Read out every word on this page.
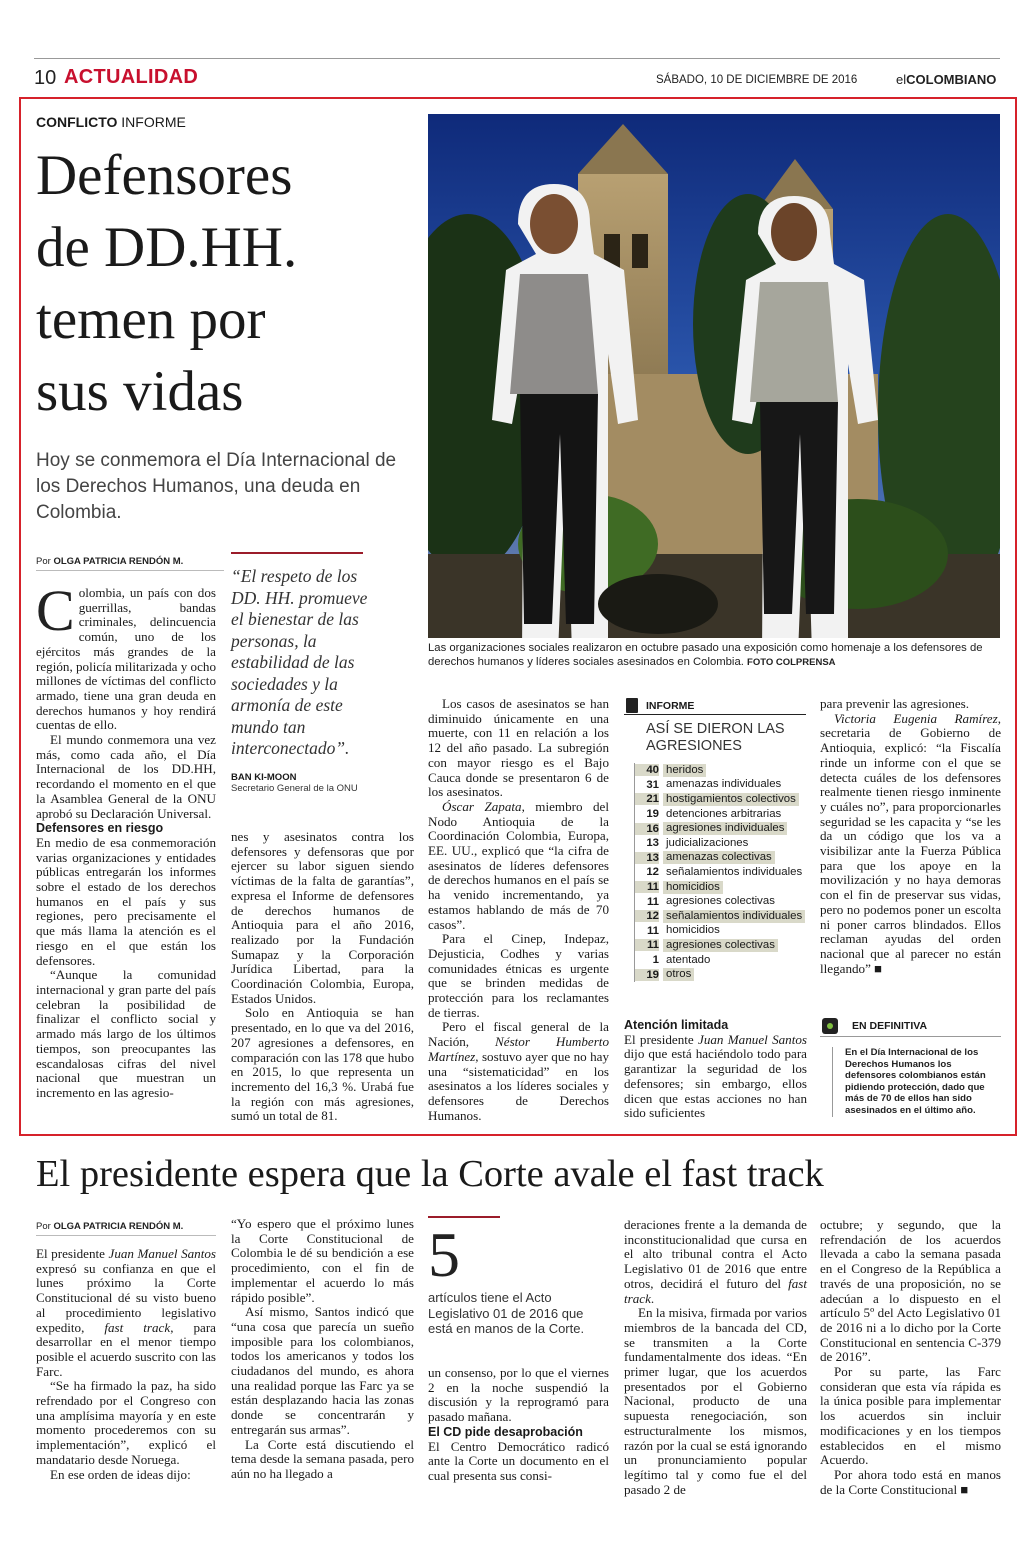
10 ACTUALIDAD	SÁBADO, 10 DE DICIEMBRE DE 2016	elCOLOMBIANO
CONFLICTO INFORME
Defensores
de DD.HH.
temen por
sus vidas
Hoy se conmemora el Día Internacional de los Derechos Humanos, una deuda en Colombia.
Por OLGA PATRICIA RENDÓN M.
“El respeto de los DD. HH. promueve el bienestar de las personas, la estabilidad de las sociedades y la armonía de este mundo tan interconectado”.
BAN KI-MOON
Secretario General de la ONU
Las organizaciones sociales realizaron en octubre pasado una exposición como homenaje a los defensores de derechos humanos y líderes sociales asesinados en Colombia. FOTO COLPRENSA

Colombia, un país con dos guerrillas, bandas criminales, delincuencia común, uno de los ejércitos más grandes de la región, policía militarizada y ocho millones de víctimas del conflicto armado, tiene una gran deuda en derechos humanos y hoy rendirá cuentas de ello.

El mundo conmemora una vez más, como cada año, el Día Internacional de los DD.HH, recordando el momento en el que la Asamblea General de la ONU aprobó su Declaración Universal.

Defensores en riesgo

En medio de esa conmemoración varias organizaciones y entidades públicas entregarán los informes sobre el estado de los derechos humanos en el país y sus regiones, pero precisamente el que más llama la atención es el riesgo en el que están los defensores.

“Aunque la comunidad internacional y gran parte del país celebran la posibilidad de finalizar el conflicto social y armado más largo de los últimos tiempos, son preocupantes las escandalosas cifras del nivel nacional que muestran un incremento en las agresio-

nes y asesinatos contra los defensores y defensoras que por ejercer su labor siguen siendo víctimas de la falta de garantías”, expresa el Informe de defensores de derechos humanos de Antioquia para el año 2016, realizado por la Fundación Sumapaz y la Corporación Jurídica Libertad, para la Coordinación Colombia, Europa, Estados Unidos.

Solo en Antioquia se han presentado, en lo que va del 2016, 207 agresiones a defensores, en comparación con las 178 que hubo en 2015, lo que representa un incremento del 16,3 %. Urabá fue la región con más agresiones, sumó un total de 81.

Los casos de asesinatos se han diminuido únicamente en una muerte, con 11 en relación a los 12 del año pasado. La subregión con mayor riesgo es el Bajo Cauca donde se presentaron 6 de los asesinatos.

Óscar Zapata, miembro del Nodo Antioquia de la Coordinación Colombia, Europa, EE. UU., explicó que “la cifra de asesinatos de líderes defensores de derechos humanos en el país se ha venido incrementando, ya estamos hablando de más de 70 casos”.

Para el Cinep, Indepaz, Dejusticia, Codhes y varias comunidades étnicas es urgente que se brinden medidas de protección para los reclamantes de tierras.

Pero el fiscal general de la Nación, Néstor Humberto Martínez, sostuvo ayer que no hay una “sistematicidad” en los asesinatos a los líderes sociales y defensores de Derechos Humanos.

INFORME
ASÍ SE DIERON LAS AGRESIONES
40 heridos
31 amenazas individuales
21 hostigamientos colectivos
19 detenciones arbitrarias
16 agresiones individuales
13 judicializaciones
13 amenazas colectivas
12 señalamientos individuales
11 homicidios
11 agresiones colectivas
12 señalamientos individuales
11 homicidios
11 agresiones colectivas
1 atentado
19 otros

Atención limitada

El presidente Juan Manuel Santos dijo que está haciéndolo todo para garantizar la seguridad de los defensores; sin embargo, ellos dicen que estas acciones no han sido suficientes

para prevenir las agresiones.

Victoria Eugenia Ramírez, secretaria de Gobierno de Antioquia, explicó: “la Fiscalía rinde un informe con el que se detecta cuáles de los defensores realmente tienen riesgo inminente y cuáles no”, para proporcionarles seguridad se les capacita y “se les da un código que los va a visibilizar ante la Fuerza Pública para que los apoye en la movilización y no haya demoras con el fin de preservar sus vidas, pero no podemos poner un escolta ni poner carros blindados. Ellos reclaman ayudas del orden nacional que al parecer no están llegando” ■

EN DEFINITIVA
En el Día Internacional de los Derechos Humanos los defensores colombianos están pidiendo protección, dado que más de 70 de ellos han sido asesinados en el último año.
El presidente espera que la Corte avale el fast track
Por OLGA PATRICIA RENDÓN M.

El presidente Juan Manuel Santos expresó su confianza en que el lunes próximo la Corte Constitucional dé su visto bueno al procedimiento legislativo expedito, fast track, para desarrollar en el menor tiempo posible el acuerdo suscrito con las Farc.

“Se ha firmado la paz, ha sido refrendado por el Congreso con una amplísima mayoría y en este momento procederemos con su implementación”, explicó el mandatario desde Noruega.

En ese orden de ideas dijo:

“Yo espero que el próximo lunes la Corte Constitucional de Colombia le dé su bendición a ese procedimiento, con el fin de implementar el acuerdo lo más rápido posible”.

Así mismo, Santos indicó que “una cosa que parecía un sueño imposible para los colombianos, todos los americanos y todos los ciudadanos del mundo, es ahora una realidad porque las Farc ya se están desplazando hacia las zonas donde se concentrarán y entregarán sus armas”.

La Corte está discutiendo el tema desde la semana pasada, pero aún no ha llegado a

5
artículos tiene el Acto Legislativo 01 de 2016 que está en manos de la Corte.

un consenso, por lo que el viernes 2 en la noche suspendió la discusión y la reprogramó para pasado mañana.

El CD pide desaprobación

El Centro Democrático radicó ante la Corte un documento en el cual presenta sus consi-

deraciones frente a la demanda de inconstitucionalidad que cursa en el alto tribunal contra el Acto Legislativo 01 de 2016 que entre otros, decidirá el futuro del fast track.

En la misiva, firmada por varios miembros de la bancada del CD, se transmiten a la Corte fundamentalmente dos ideas. “En primer lugar, que los acuerdos presentados por el Gobierno Nacional, producto de una supuesta renegociación, son estructuralmente los mismos, razón por la cual se está ignorando un pronunciamiento popular legítimo tal y como fue el del pasado 2 de

octubre; y segundo, que la refrendación de los acuerdos llevada a cabo la semana pasada en el Congreso de la República a través de una proposición, no se adecúan a lo dispuesto en el artículo 5º del Acto Legislativo 01 de 2016 ni a lo dicho por la Corte Constitucional en sentencia C-379 de 2016”.

Por su parte, las Farc consideran que esta vía rápida es la única posible para implementar los acuerdos sin incluir modificaciones y en los tiempos establecidos en el mismo Acuerdo.

Por ahora todo está en manos de la Corte Constitucional ■
